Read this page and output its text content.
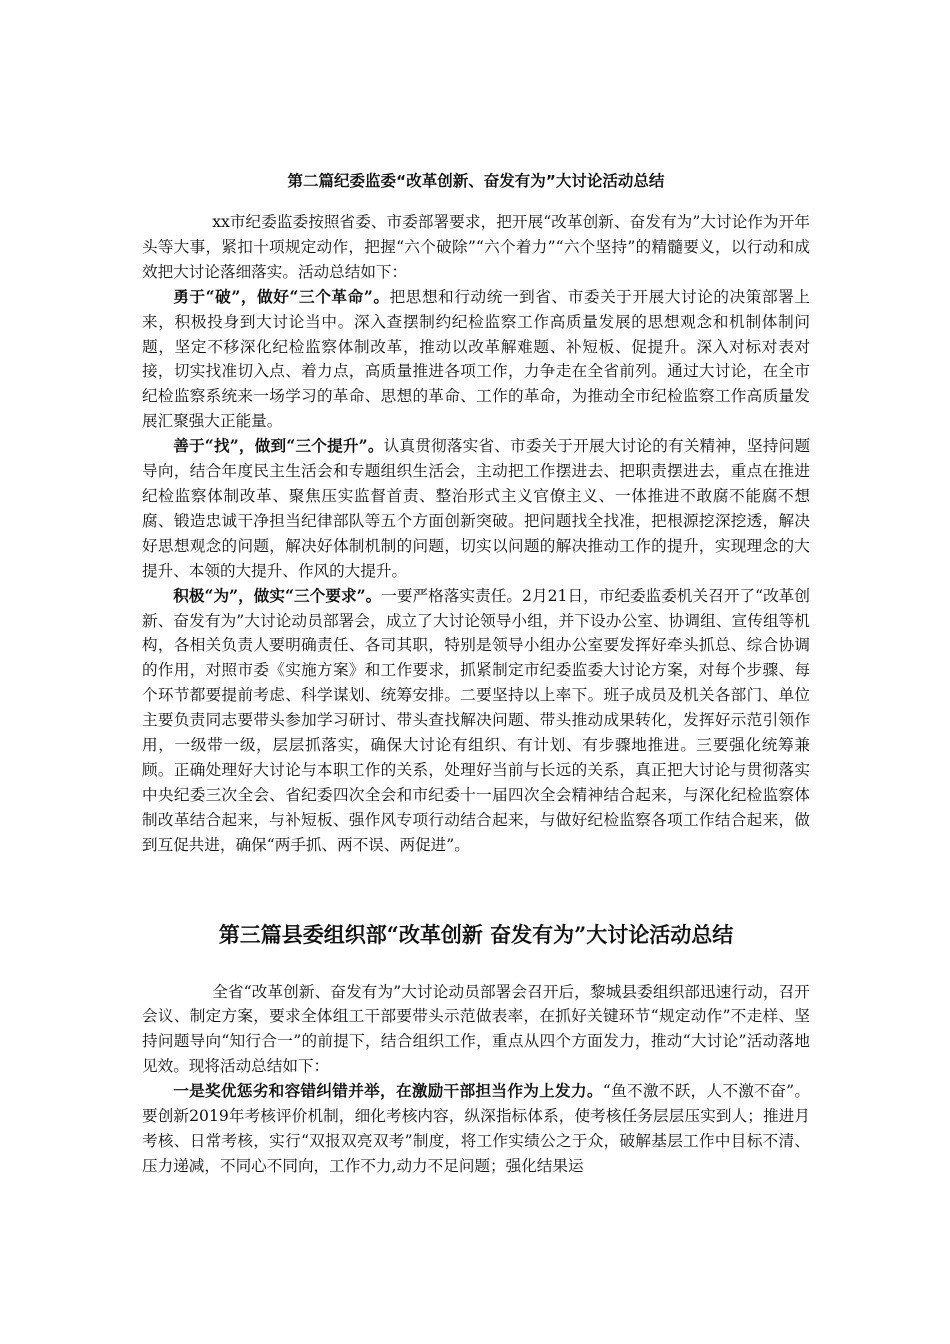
第二篇纪委监委“改革创新、奋发有为”大讨论活动总结

xx市纪委监委按照省委、市委部署要求，把开展“改革创新、奋发有为”大讨论作为开年头等大事，紧扣十项规定动作，把握“六个破除”“六个着力”“六个坚持”的精髓要义，以行动和成效把大讨论落细落实。活动总结如下：

勇于“破”，做好“三个革命”。把思想和行动统一到省、市委关于开展大讨论的决策部署上来，积极投身到大讨论当中。深入查摆制约纪检监察工作高质量发展的思想观念和机制体制问题，坚定不移深化纪检监察体制改革，推动以改革解难题、补短板、促提升。深入对标对表对接，切实找准切入点、着力点，高质量推进各项工作，力争走在全省前列。通过大讨论，在全市纪检监察系统来一场学习的革命、思想的革命、工作的革命，为推动全市纪检监察工作高质量发展汇聚强大正能量。

善于“找”，做到“三个提升”。认真贯彻落实省、市委关于开展大讨论的有关精神，坚持问题导向，结合年度民主生活会和专题组织生活会，主动把工作摆进去、把职责摆进去，重点在推进纪检监察体制改革、聚焦压实监督首责、整治形式主义官僚主义、一体推进不敢腐不能腐不想腐、锻造忠诚干净担当纪律部队等五个方面创新突破。把问题找全找准，把根源挖深挖透，解决好思想观念的问题，解决好体制机制的问题，切实以问题的解决推动工作的提升，实现理念的大提升、本领的大提升、作风的大提升。

积极“为”，做实“三个要求”。一要严格落实责任。2月21日，市纪委监委机关召开了“改革创新、奋发有为”大讨论动员部署会，成立了大讨论领导小组，并下设办公室、协调组、宣传组等机构，各相关负责人要明确责任、各司其职，特别是领导小组办公室要发挥好牵头抓总、综合协调的作用，对照市委《实施方案》和工作要求，抓紧制定市纪委监委大讨论方案，对每个步骤、每个环节都要提前考虑、科学谋划、统筹安排。二要坚持以上率下。班子成员及机关各部门、单位主要负责同志要带头参加学习研讨、带头查找解决问题、带头推动成果转化，发挥好示范引领作用，一级带一级，层层抓落实，确保大讨论有组织、有计划、有步骤地推进。三要强化统筹兼顾。正确处理好大讨论与本职工作的关系，处理好当前与长远的关系，真正把大讨论与贯彻落实中央纪委三次全会、省纪委四次全会和市纪委十一届四次全会精神结合起来，与深化纪检监察体制改革结合起来，与补短板、强作风专项行动结合起来，与做好纪检监察各项工作结合起来，做到互促共进，确保“两手抓、两不误、两促进”。

第三篇县委组织部“改革创新 奋发有为”大讨论活动总结

全省“改革创新、奋发有为”大讨论动员部署会召开后，黎城县委组织部迅速行动，召开会议、制定方案，要求全体组工干部要带头示范做表率，在抓好关键环节“规定动作”不走样、坚持问题导向“知行合一”的前提下，结合组织工作，重点从四个方面发力，推动“大讨论”活动落地见效。现将活动总结如下：

一是奖优惩劣和容错纠错并举，在激励干部担当作为上发力。“鱼不激不跃，人不激不奋”。要创新2019年考核评价机制，细化考核内容，纵深指标体系，使考核任务层层压实到人；推进月考核、日常考核，实行“双报双亮双考”制度，将工作实绩公之于众，破解基层工作中目标不清、压力递减，不同心不同向，工作不力,动力不足问题；强化结果运
